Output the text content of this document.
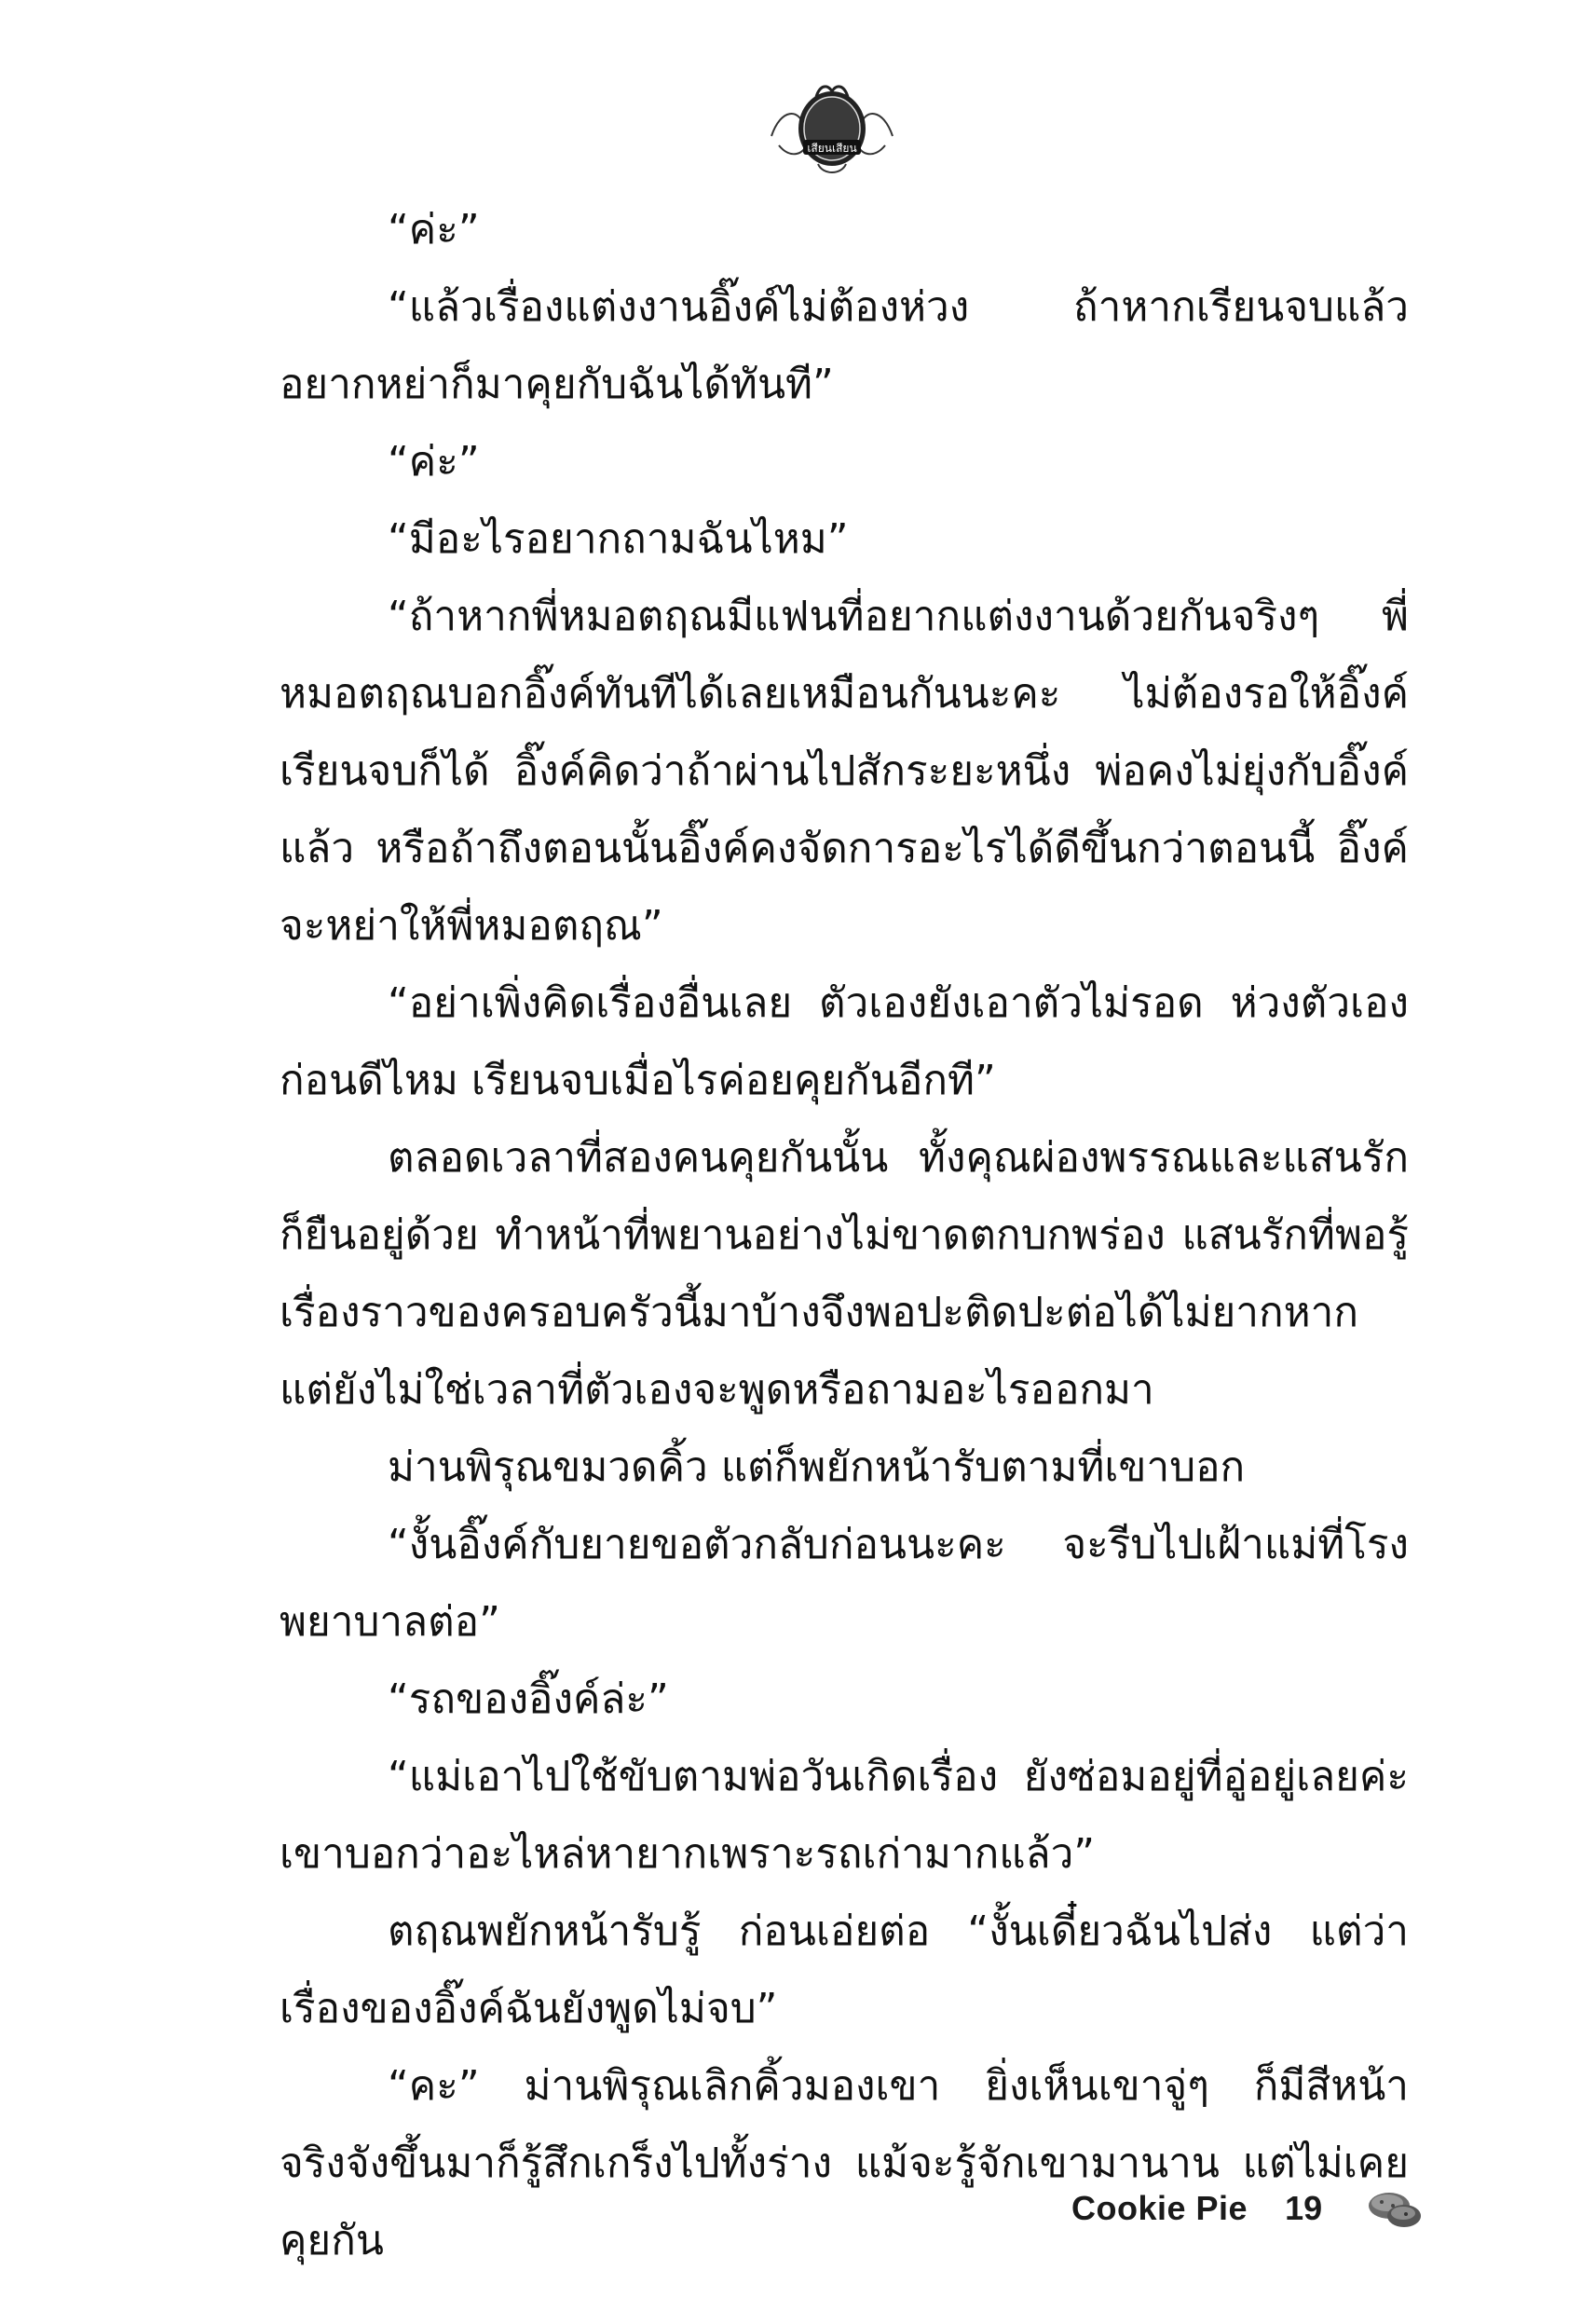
เสียนเสียน

“ค่ะ”

“แล้วเรื่องแต่งงานอิ๊งค์ไม่ต้องห่วง ถ้าหากเรียนจบแล้วอยากหย่าก็มาคุยกับฉันได้ทันที”

“ค่ะ”

“มีอะไรอยากถามฉันไหม”

“ถ้าหากพี่หมอตฤณมีแฟนที่อยากแต่งงานด้วยกันจริงๆ พี่หมอตฤณบอกอิ๊งค์ทันทีได้เลยเหมือนกันนะคะ ไม่ต้องรอให้อิ๊งค์เรียนจบก็ได้ อิ๊งค์คิดว่าถ้าผ่านไปสักระยะหนึ่ง พ่อคงไม่ยุ่งกับอิ๊งค์แล้ว หรือถ้าถึงตอนนั้นอิ๊งค์คงจัดการอะไรได้ดีขึ้นกว่าตอนนี้ อิ๊งค์จะหย่าให้พี่หมอตฤณ”

“อย่าเพิ่งคิดเรื่องอื่นเลย ตัวเองยังเอาตัวไม่รอด ห่วงตัวเองก่อนดีไหม เรียนจบเมื่อไรค่อยคุยกันอีกที”

ตลอดเวลาที่สองคนคุยกันนั้น ทั้งคุณผ่องพรรณและแสนรักก็ยืนอยู่ด้วย ทำหน้าที่พยานอย่างไม่ขาดตกบกพร่อง แสนรักที่พอรู้เรื่องราวของครอบครัวนี้มาบ้างจึงพอปะติดปะต่อได้ไม่ยากหากแต่ยังไม่ใช่เวลาที่ตัวเองจะพูดหรือถามอะไรออกมา

ม่านพิรุณขมวดคิ้ว แต่ก็พยักหน้ารับตามที่เขาบอก

“งั้นอิ๊งค์กับยายขอตัวกลับก่อนนะคะ จะรีบไปเฝ้าแม่ที่โรงพยาบาลต่อ”

“รถของอิ๊งค์ล่ะ”

“แม่เอาไปใช้ขับตามพ่อวันเกิดเรื่อง ยังซ่อมอยู่ที่อู่อยู่เลยค่ะ เขาบอกว่าอะไหล่หายากเพราะรถเก่ามากแล้ว”

ตฤณพยักหน้ารับรู้ ก่อนเอ่ยต่อ “งั้นเดี๋ยวฉันไปส่ง แต่ว่าเรื่องของอิ๊งค์ฉันยังพูดไม่จบ”

“คะ” ม่านพิรุณเลิกคิ้วมองเขา ยิ่งเห็นเขาจู่ๆ ก็มีสีหน้าจริงจังขึ้นมาก็รู้สึกเกร็งไปทั้งร่าง แม้จะรู้จักเขามานาน แต่ไม่เคยคุยกัน

Cookie Pie 19
